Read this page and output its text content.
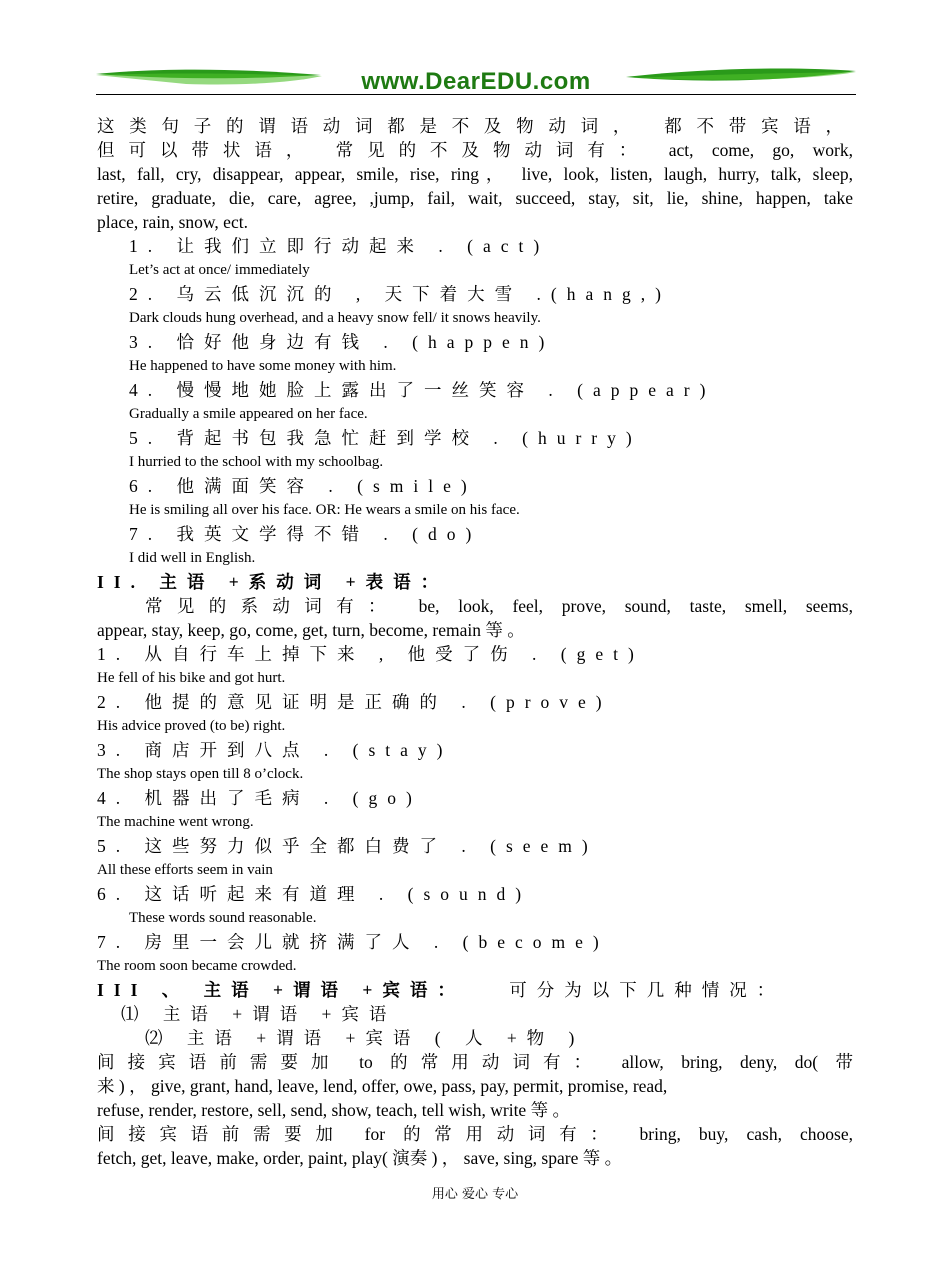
www.DearEDU.com
这类句子的谓语动词都是不及物动词， 都不带宾语，
但可以带状语， 常见的不及物动词有： act, come, go, work,
last, fall, cry, disappear, appear, smile, rise, ring， live, look, listen, laugh, hurry, talk, sleep,
retire, graduate, die, care, agree, ,jump, fail, wait, succeed, stay, sit, lie, shine, happen, take
place, rain, snow, ect.
1. 让我们立即行动起来 . (act)
Let’s act at once/ immediately
2. 乌云低沉沉的 , 天下着大雪 .(hang,)
Dark clouds hung overhead, and a heavy snow fell/ it snows heavily.
3. 恰好他身边有钱 . (happen)
He happened to have some money with him.
4. 慢慢地她脸上露出了一丝笑容 . (appear)
Gradually a smile appeared on her face.
5. 背起书包我急忙赶到学校 . (hurry)
I hurried to the school with my schoolbag.
6. 他满面笑容 . (smile)
He is smiling all over his face. OR: He wears a smile on his face.
7. 我英文学得不错 . (do)
I did well in English.
II. 主语 +系动词 +表语：
常见的系动词有： be, look, feel, prove, sound, taste, smell, seems,
appear, stay, keep, go, come, get, turn, become, remain 等 。
1. 从自行车上掉下来 , 他受了伤 . (get)
He fell of his bike and got hurt.
2. 他提的意见证明是正确的 . (prove)
His advice proved (to be) right.
3. 商店开到八点 . (stay)
The shop stays open till 8 o’clock.
4. 机器出了毛病 . (go)
The machine went wrong.
5. 这些努力似乎全都白费了 . (seem)
All these efforts seem in vain
6. 这话听起来有道理 . (sound)
These words sound reasonable.
7. 房里一会儿就挤满了人 . (become)
The room soon became crowded.
III 、 主语 +谓语 +宾语：	可分为以下几种情况：
⑴ 主语 +谓语 +宾语
⑵ 主语 +谓语 +宾语 ( 人 +物 )
间接宾语前需要加 to 的常用动词有： allow, bring, deny, do( 带
来 ) ， give, grant, hand, leave, lend, offer, owe, pass, pay, permit, promise, read,
refuse, render, restore, sell, send, show, teach, tell wish, write 等 。
间接宾语前需要加 for 的常用动词有： bring, buy, cash, choose,
fetch, get, leave, make, order, paint, play( 演奏 ) ， save, sing, spare 等 。
用心 爱心 专心
